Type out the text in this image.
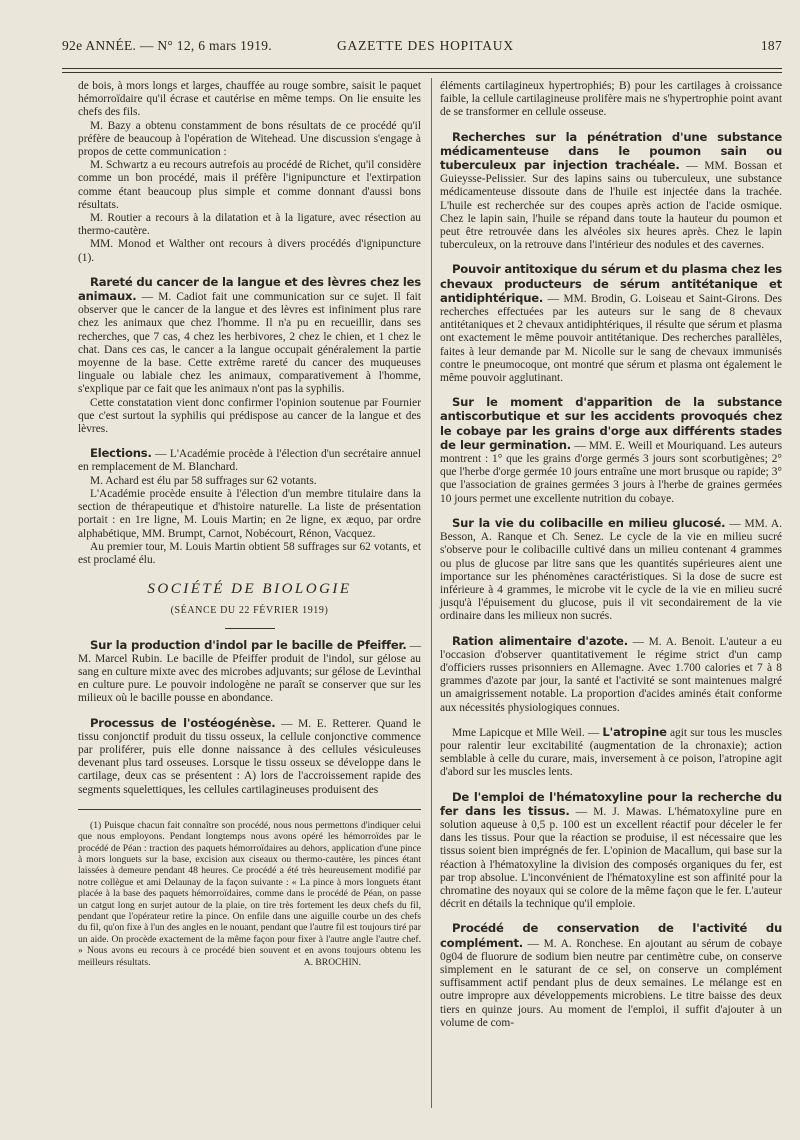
92e ANNÉE. — N° 12, 6 mars 1919.	GAZETTE DES HOPITAUX	187

de bois, à mors longs et larges, chauffée au rouge sombre, saisit le paquet hémorroïdaire qu'il écrase et cautérise en même temps. On lie ensuite les chefs des fils.

M. Bazy a obtenu constamment de bons résultats de ce procédé qu'il préfère de beaucoup à l'opération de Witehead. Une discussion s'engage à propos de cette communication :

M. Schwartz a eu recours autrefois au procédé de Richet, qu'il considère comme un bon procédé, mais il préfère l'ignipuncture et l'extirpation comme étant beaucoup plus simple et comme donnant d'aussi bons résultats.

M. Routier a recours à la dilatation et à la ligature, avec résection au thermo-cautère.

MM. Monod et Walther ont recours à divers procédés d'ignipuncture (1).

Rareté du cancer de la langue et des lèvres chez les animaux. — M. Cadiot fait une communication sur ce sujet. Il fait observer que le cancer de la langue et des lèvres est infiniment plus rare chez les animaux que chez l'homme. Il n'a pu en recueillir, dans ses recherches, que 7 cas, 4 chez les herbivores, 2 chez le chien, et 1 chez le chat. Dans ces cas, le cancer a la langue occupait généralement la partie moyenne de la base. Cette extrême rareté du cancer des muqueuses linguale ou labiale chez les animaux, comparativement à l'homme, s'explique par ce fait que les animaux n'ont pas la syphilis.

Cette constatation vient donc confirmer l'opinion soutenue par Fournier que c'est surtout la syphilis qui prédispose au cancer de la langue et des lèvres.

Elections. — L'Académie procède à l'élection d'un secrétaire annuel en remplacement de M. Blanchard.

M. Achard est élu par 58 suffrages sur 62 votants.

L'Académie procède ensuite à l'élection d'un membre titulaire dans la section de thérapeutique et d'histoire naturelle. La liste de présentation portait : en 1re ligne, M. Louis Martin; en 2e ligne, ex æquo, par ordre alphabétique, MM. Brumpt, Carnot, Nobécourt, Rénon, Vacquez.

Au premier tour, M. Louis Martin obtient 58 suffrages sur 62 votants, et est proclamé élu.

SOCIÉTÉ DE BIOLOGIE

(SÉANCE DU 22 FÉVRIER 1919)

Sur la production d'indol par le bacille de Pfeiffer. — M. Marcel Rubin. Le bacille de Pfeiffer produit de l'indol, sur gélose au sang en culture mixte avec des microbes adjuvants; sur gélose de Levinthal en culture pure. Le pouvoir indologène ne paraît se conserver que sur les milieux où le bacille pousse en abondance.

Processus de l'ostéogénèse. — M. E. Retterer. Quand le tissu conjonctif produit du tissu osseux, la cellule conjonctive commence par proliférer, puis elle donne naissance à des cellules vésiculeuses devenant plus tard osseuses. Lorsque le tissu osseux se développe dans le cartilage, deux cas se présentent : A) lors de l'accroissement rapide des segments squelettiques, les cellules cartilagineuses produisent des

(1) Puisque chacun fait connaître son procédé, nous nous permettons d'indiquer celui que nous employons. Pendant longtemps nous avons opéré les hémorroïdes par le procédé de Péan : traction des paquets hémorroïdaires au dehors, application d'une pince à mors longuets sur la base, excision aux ciseaux ou thermo-cautère, les pinces étant laissées à demeure pendant 48 heures. Ce procédé a été très heureusement modifié par notre collègue et ami Delaunay de la façon suivante : « La pince à mors longuets étant placée à la base des paquets hémorroïdaires, comme dans le procédé de Péan, on passe un catgut long en surjet autour de la plaie, on tire très fortement les deux chefs du fil, pendant que l'opérateur retire la pince. On enfile dans une aiguille courbe un des chefs du fil, qu'on fixe à l'un des angles en le nouant, pendant que l'autre fil est toujours tiré par un aide. On procède exactement de la même façon pour fixer à l'autre angle l'autre chef. » Nous avons eu recours à ce procédé bien souvent et en avons toujours obtenu les meilleurs résultats.	A. BROCHIN.

éléments cartilagineux hypertrophiés; B) pour les cartilages à croissance faible, la cellule cartilagineuse prolifère mais ne s'hypertrophie point avant de se transformer en cellule osseuse.

Recherches sur la pénétration d'une substance médicamenteuse dans le poumon sain ou tuberculeux par injection trachéale. — MM. Bossan et Guieysse-Pelissier. Sur des lapins sains ou tuberculeux, une substance médicamenteuse dissoute dans de l'huile est injectée dans la trachée. L'huile est recherchée sur des coupes après action de l'acide osmique. Chez le lapin sain, l'huile se répand dans toute la hauteur du poumon et peut être retrouvée dans les alvéoles six heures après. Chez le lapin tuberculeux, on la retrouve dans l'intérieur des nodules et des cavernes.

Pouvoir antitoxique du sérum et du plasma chez les chevaux producteurs de sérum antitétanique et antidiphtérique. — MM. Brodin, G. Loiseau et Saint-Girons. Des recherches effectuées par les auteurs sur le sang de 8 chevaux antitétaniques et 2 chevaux antidiphtériques, il résulte que sérum et plasma ont exactement le même pouvoir antitétanique. Des recherches parallèles, faites à leur demande par M. Nicolle sur le sang de chevaux immunisés contre le pneumocoque, ont montré que sérum et plasma ont également le même pouvoir agglutinant.

Sur le moment d'apparition de la substance antiscorbutique et sur les accidents provoqués chez le cobaye par les grains d'orge aux différents stades de leur germination. — MM. E. Weill et Mouriquand. Les auteurs montrent : 1° que les grains d'orge germés 3 jours sont scorbutigènes; 2° que l'herbe d'orge germée 10 jours entraîne une mort brusque ou rapide; 3° que l'association de graines germées 3 jours à l'herbe de graines germées 10 jours permet une excellente nutrition du cobaye.

Sur la vie du colibacille en milieu glucosé. — MM. A. Besson, A. Ranque et Ch. Senez. Le cycle de la vie en milieu sucré s'observe pour le colibacille cultivé dans un milieu contenant 4 grammes ou plus de glucose par litre sans que les quantités supérieures aient une importance sur les phénomènes caractéristiques. Si la dose de sucre est inférieure à 4 grammes, le microbe vit le cycle de la vie en milieu sucré jusqu'à l'épuisement du glucose, puis il vit secondairement de la vie ordinaire dans les milieux non sucrés.

Ration alimentaire d'azote. — M. A. Benoit. L'auteur a eu l'occasion d'observer quantitativement le régime strict d'un camp d'officiers russes prisonniers en Allemagne. Avec 1.700 calories et 7 à 8 grammes d'azote par jour, la santé et l'activité se sont maintenues malgré un amaigrissement notable. La proportion d'acides aminés était conforme aux nécessités physiologiques connues.

Mme Lapicque et Mlle Weil. — L'atropine agit sur tous les muscles pour ralentir leur excitabilité (augmentation de la chronaxie); action semblable à celle du curare, mais, inversement à ce poison, l'atropine agit d'abord sur les muscles lents.

De l'emploi de l'hématoxyline pour la recherche du fer dans les tissus. — M. J. Mawas. L'hématoxyline pure en solution aqueuse à 0,5 p. 100 est un excellent réactif pour déceler le fer dans les tissus. Pour que la réaction se produise, il est nécessaire que les tissus soient bien imprégnés de fer. L'opinion de Macallum, qui base sur la réaction à l'hématoxyline la division des composés organiques du fer, est par trop absolue. L'inconvénient de l'hématoxyline est son affinité pour la chromatine des noyaux qui se colore de la même façon que le fer. L'auteur décrit en détails la technique qu'il emploie.

Procédé de conservation de l'activité du complément. — M. A. Ronchese. En ajoutant au sérum de cobaye 0g04 de fluorure de sodium bien neutre par centimètre cube, on conserve simplement en le saturant de ce sel, on conserve un complément suffisamment actif pendant plus de deux semaines. Le mélange est en outre impropre aux développements microbiens. Le titre baisse des deux tiers en quinze jours. Au moment de l'emploi, il suffit d'ajouter à un volume de com-
